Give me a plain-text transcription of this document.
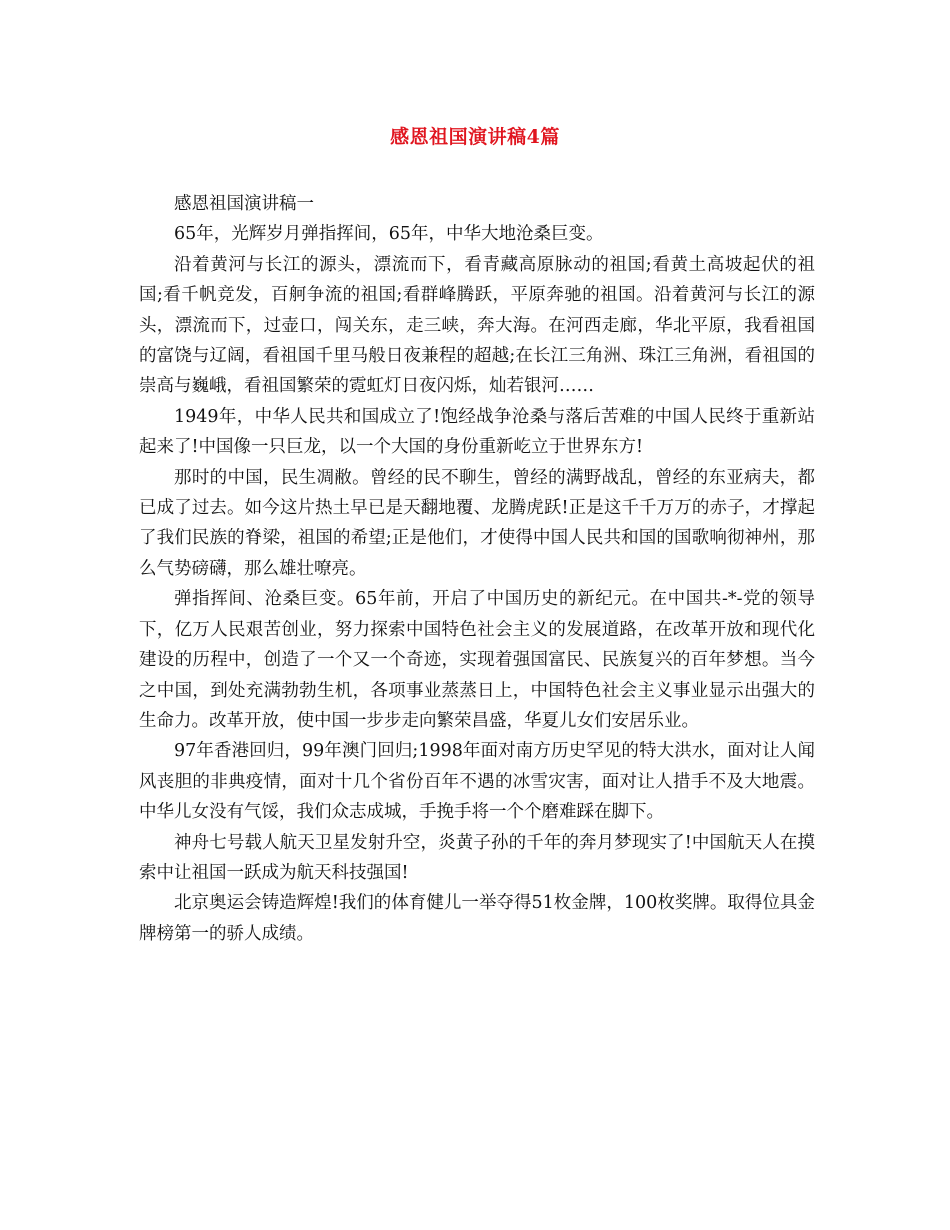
感恩祖国演讲稿4篇

感恩祖国演讲稿一

65年，光辉岁月弹指挥间，65年，中华大地沧桑巨变。

沿着黄河与长江的源头，漂流而下，看青藏高原脉动的祖国;看黄土高坡起伏的祖国;看千帆竞发，百舸争流的祖国;看群峰腾跃，平原奔驰的祖国。沿着黄河与长江的源头，漂流而下，过壶口，闯关东，走三峡，奔大海。在河西走廊，华北平原，我看祖国的富饶与辽阔，看祖国千里马般日夜兼程的超越;在长江三角洲、珠江三角洲，看祖国的崇高与巍峨，看祖国繁荣的霓虹灯日夜闪烁，灿若银河……

1949年，中华人民共和国成立了!饱经战争沧桑与落后苦难的中国人民终于重新站起来了!中国像一只巨龙，以一个大国的身份重新屹立于世界东方!

那时的中国，民生凋敝。曾经的民不聊生，曾经的满野战乱，曾经的东亚病夫，都已成了过去。如今这片热土早已是天翻地覆、龙腾虎跃!正是这千千万万的赤子，才撑起了我们民族的脊梁，祖国的希望;正是他们，才使得中国人民共和国的国歌响彻神州，那么气势磅礴，那么雄壮嘹亮。

弹指挥间、沧桑巨变。65年前，开启了中国历史的新纪元。在中国共-*-党的领导下，亿万人民艰苦创业，努力探索中国特色社会主义的发展道路，在改革开放和现代化建设的历程中，创造了一个又一个奇迹，实现着强国富民、民族复兴的百年梦想。当今之中国，到处充满勃勃生机，各项事业蒸蒸日上，中国特色社会主义事业显示出强大的生命力。改革开放，使中国一步步走向繁荣昌盛，华夏儿女们安居乐业。

97年香港回归，99年澳门回归;1998年面对南方历史罕见的特大洪水，面对让人闻风丧胆的非典疫情，面对十几个省份百年不遇的冰雪灾害，面对让人措手不及大地震。中华儿女没有气馁，我们众志成城，手挽手将一个个磨难踩在脚下。

神舟七号载人航天卫星发射升空，炎黄子孙的千年的奔月梦现实了!中国航天人在摸索中让祖国一跃成为航天科技强国!

北京奥运会铸造辉煌!我们的体育健儿一举夺得51枚金牌，100枚奖牌。取得位具金牌榜第一的骄人成绩。
